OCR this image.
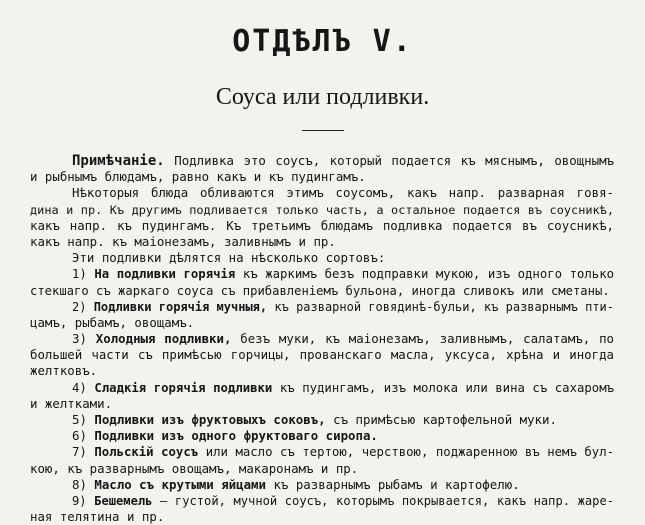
ОТДѢЛЪ V.
Соуса или подливки.
Примѣчаніе. Подливка это соусъ, который подается къ мяснымъ, овощнымъ
и рыбнымъ блюдамъ, равно какъ и къ пудингамъ.
Нѣкоторыя блюда обливаются этимъ соусомъ, какъ напр. разварная говя-
дина и пр. Къ другимъ подливается только часть, а остальное подается въ соусникѣ,
какъ напр. къ пудингамъ. Къ третьимъ блюдамъ подливка подается въ соусникѣ,
какъ напр. къ маіонезамъ, заливнымъ и пр.
Эти подливки дѣлятся на нѣсколько сортовъ:
1) На подливки горячія къ жаркимъ безъ подправки мукою, изъ одного только
стекшаго съ жаркаго соуса съ прибавленіемъ бульона, иногда сливокъ или сметаны.
2) Подливки горячія мучныя, къ разварной говядинѣ-бульи, къ разварнымъ пти-
цамъ, рыбамъ, овощамъ.
3) Холодныя подливки, безъ муки, къ маіонезамъ, заливнымъ, салатамъ, по
большей части съ примѣсью горчицы, прованскаго масла, уксуса, хрѣна и иногда
желтковъ.
4) Сладкія горячія подливки къ пудингамъ, изъ молока или вина съ сахаромъ
и желтками.
5) Подливки изъ фруктовыхъ соковъ, съ примѣсью картофельной муки.
6) Подливки изъ одного фруктоваго сиропа.
7) Польскій соусъ или масло съ тертою, черствою, поджаренною въ немъ бул-
кою, къ разварнымъ овощамъ, макаронамъ и пр.
8) Масло съ крутыми яйцами къ разварнымъ рыбамъ и картофелю.
9) Бешемель — густой, мучной соусъ, которымъ покрывается, какъ напр. жаре-
ная телятина и пр.
